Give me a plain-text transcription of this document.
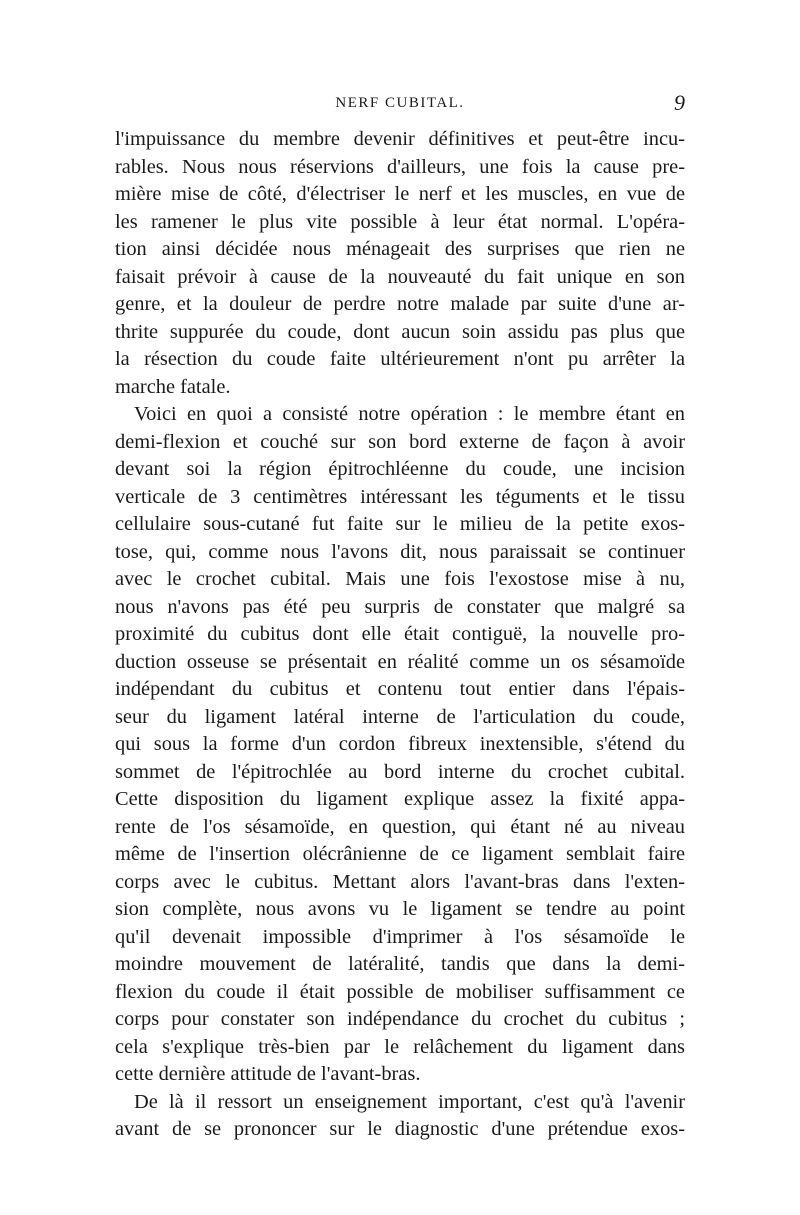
NERF CUBITAL.	9
l'impuissance du membre devenir définitives et peut-être incu-
rables. Nous nous réservions d'ailleurs, une fois la cause pre-
mière mise de côté, d'électriser le nerf et les muscles, en vue de
les ramener le plus vite possible à leur état normal. L'opéra-
tion ainsi décidée nous ménageait des surprises que rien ne
faisait prévoir à cause de la nouveauté du fait unique en son
genre, et la douleur de perdre notre malade par suite d'une ar-
thrite suppurée du coude, dont aucun soin assidu pas plus que
la résection du coude faite ultérieurement n'ont pu arrêter la
marche fatale.
Voici en quoi a consisté notre opération : le membre étant en
demi-flexion et couché sur son bord externe de façon à avoir
devant soi la région épitrochléenne du coude, une incision
verticale de 3 centimètres intéressant les téguments et le tissu
cellulaire sous-cutané fut faite sur le milieu de la petite exos-
tose, qui, comme nous l'avons dit, nous paraissait se continuer
avec le crochet cubital. Mais une fois l'exostose mise à nu,
nous n'avons pas été peu surpris de constater que malgré sa
proximité du cubitus dont elle était contiguë, la nouvelle pro-
duction osseuse se présentait en réalité comme un os sésamoïde
indépendant du cubitus et contenu tout entier dans l'épais-
seur du ligament latéral interne de l'articulation du coude,
qui sous la forme d'un cordon fibreux inextensible, s'étend du
sommet de l'épitrochlée au bord interne du crochet cubital.
Cette disposition du ligament explique assez la fixité appa-
rente de l'os sésamoïde, en question, qui étant né au niveau
même de l'insertion olécrânienne de ce ligament semblait faire
corps avec le cubitus. Mettant alors l'avant-bras dans l'exten-
sion complète, nous avons vu le ligament se tendre au point
qu'il devenait impossible d'imprimer à l'os sésamoïde le
moindre mouvement de latéralité, tandis que dans la demi-
flexion du coude il était possible de mobiliser suffisamment ce
corps pour constater son indépendance du crochet du cubitus ;
cela s'explique très-bien par le relâchement du ligament dans
cette dernière attitude de l'avant-bras.
De là il ressort un enseignement important, c'est qu'à l'avenir
avant de se prononcer sur le diagnostic d'une prétendue exos-
